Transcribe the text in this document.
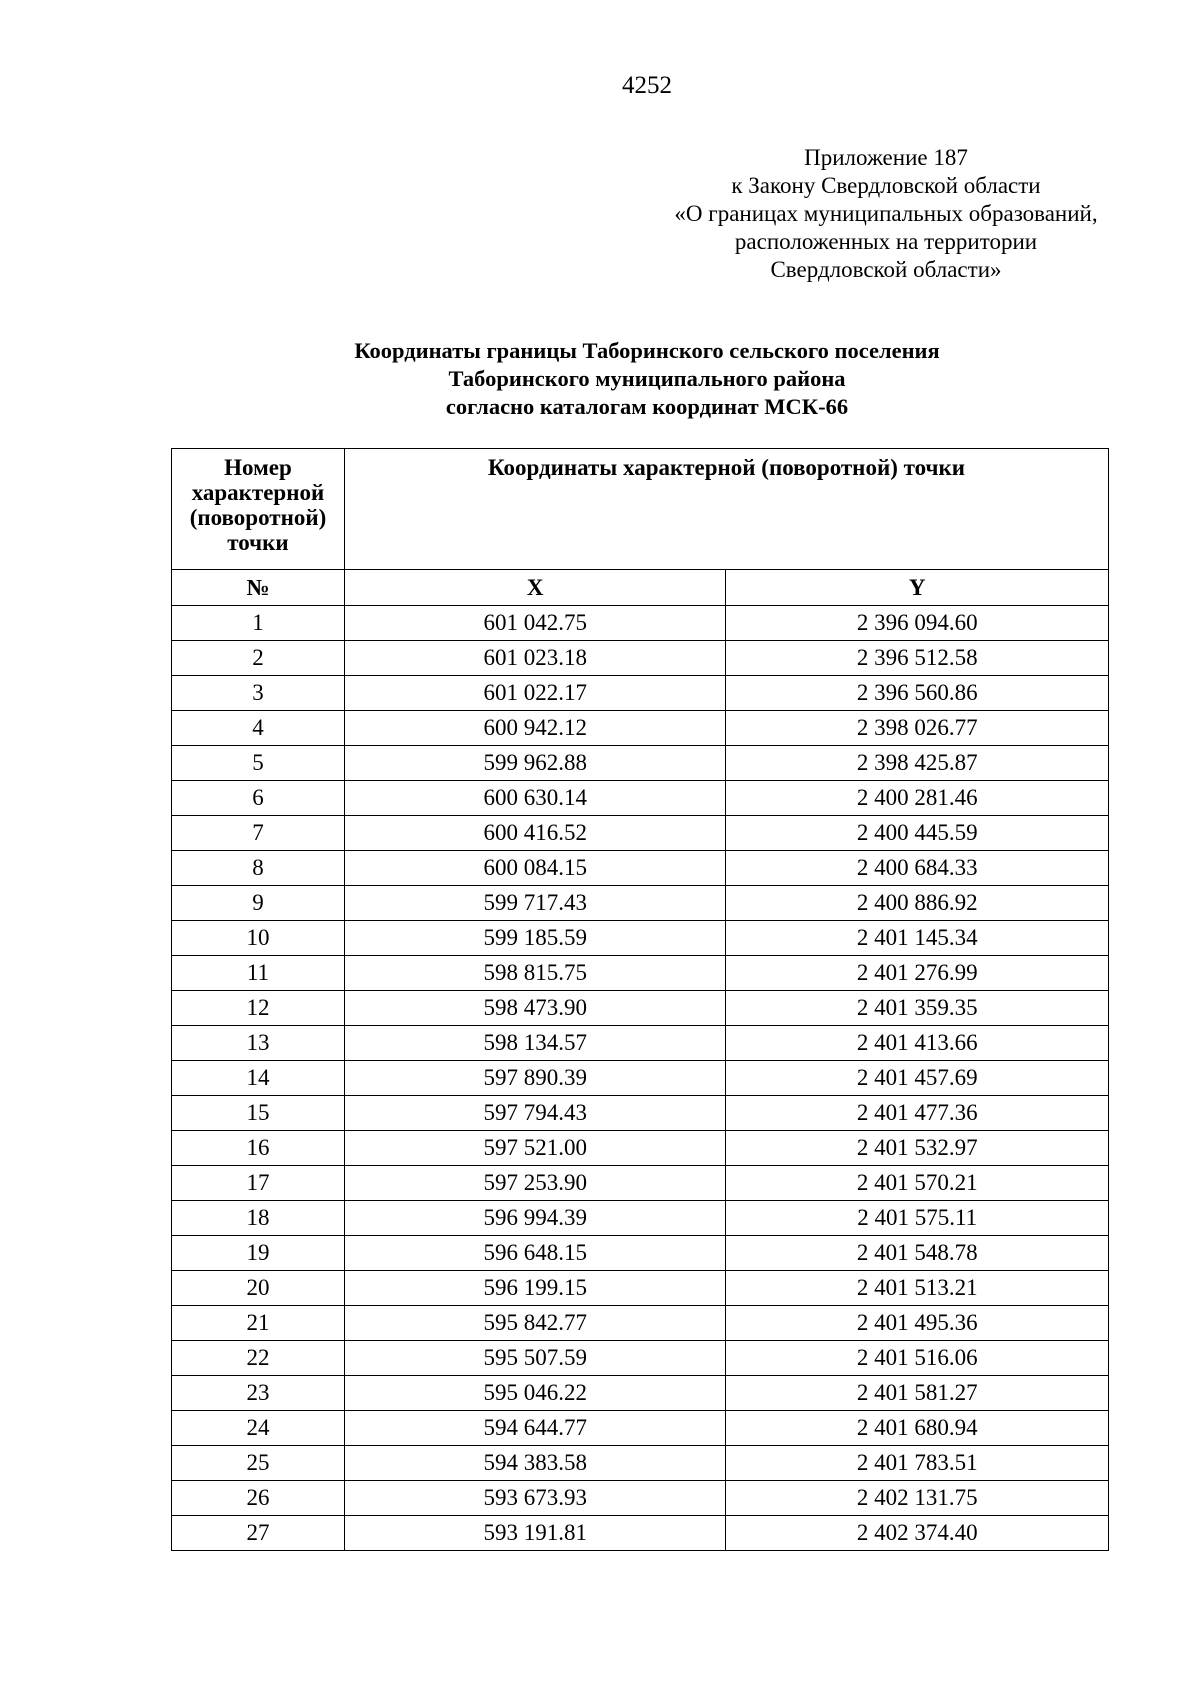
4252
Приложение 187
к Закону Свердловской области
«О границах муниципальных образований,
расположенных на территории
Свердловской области»
Координаты границы Таборинского сельского поселения
Таборинского муниципального района
согласно каталогам координат МСК-66
Номер характерной (поворотной) точки	Координаты характерной (поворотной) точки	
№	X	Y
1	601 042.75	2 396 094.60
2	601 023.18	2 396 512.58
3	601 022.17	2 396 560.86
4	600 942.12	2 398 026.77
5	599 962.88	2 398 425.87
6	600 630.14	2 400 281.46
7	600 416.52	2 400 445.59
8	600 084.15	2 400 684.33
9	599 717.43	2 400 886.92
10	599 185.59	2 401 145.34
11	598 815.75	2 401 276.99
12	598 473.90	2 401 359.35
13	598 134.57	2 401 413.66
14	597 890.39	2 401 457.69
15	597 794.43	2 401 477.36
16	597 521.00	2 401 532.97
17	597 253.90	2 401 570.21
18	596 994.39	2 401 575.11
19	596 648.15	2 401 548.78
20	596 199.15	2 401 513.21
21	595 842.77	2 401 495.36
22	595 507.59	2 401 516.06
23	595 046.22	2 401 581.27
24	594 644.77	2 401 680.94
25	594 383.58	2 401 783.51
26	593 673.93	2 402 131.75
27	593 191.81	2 402 374.40
